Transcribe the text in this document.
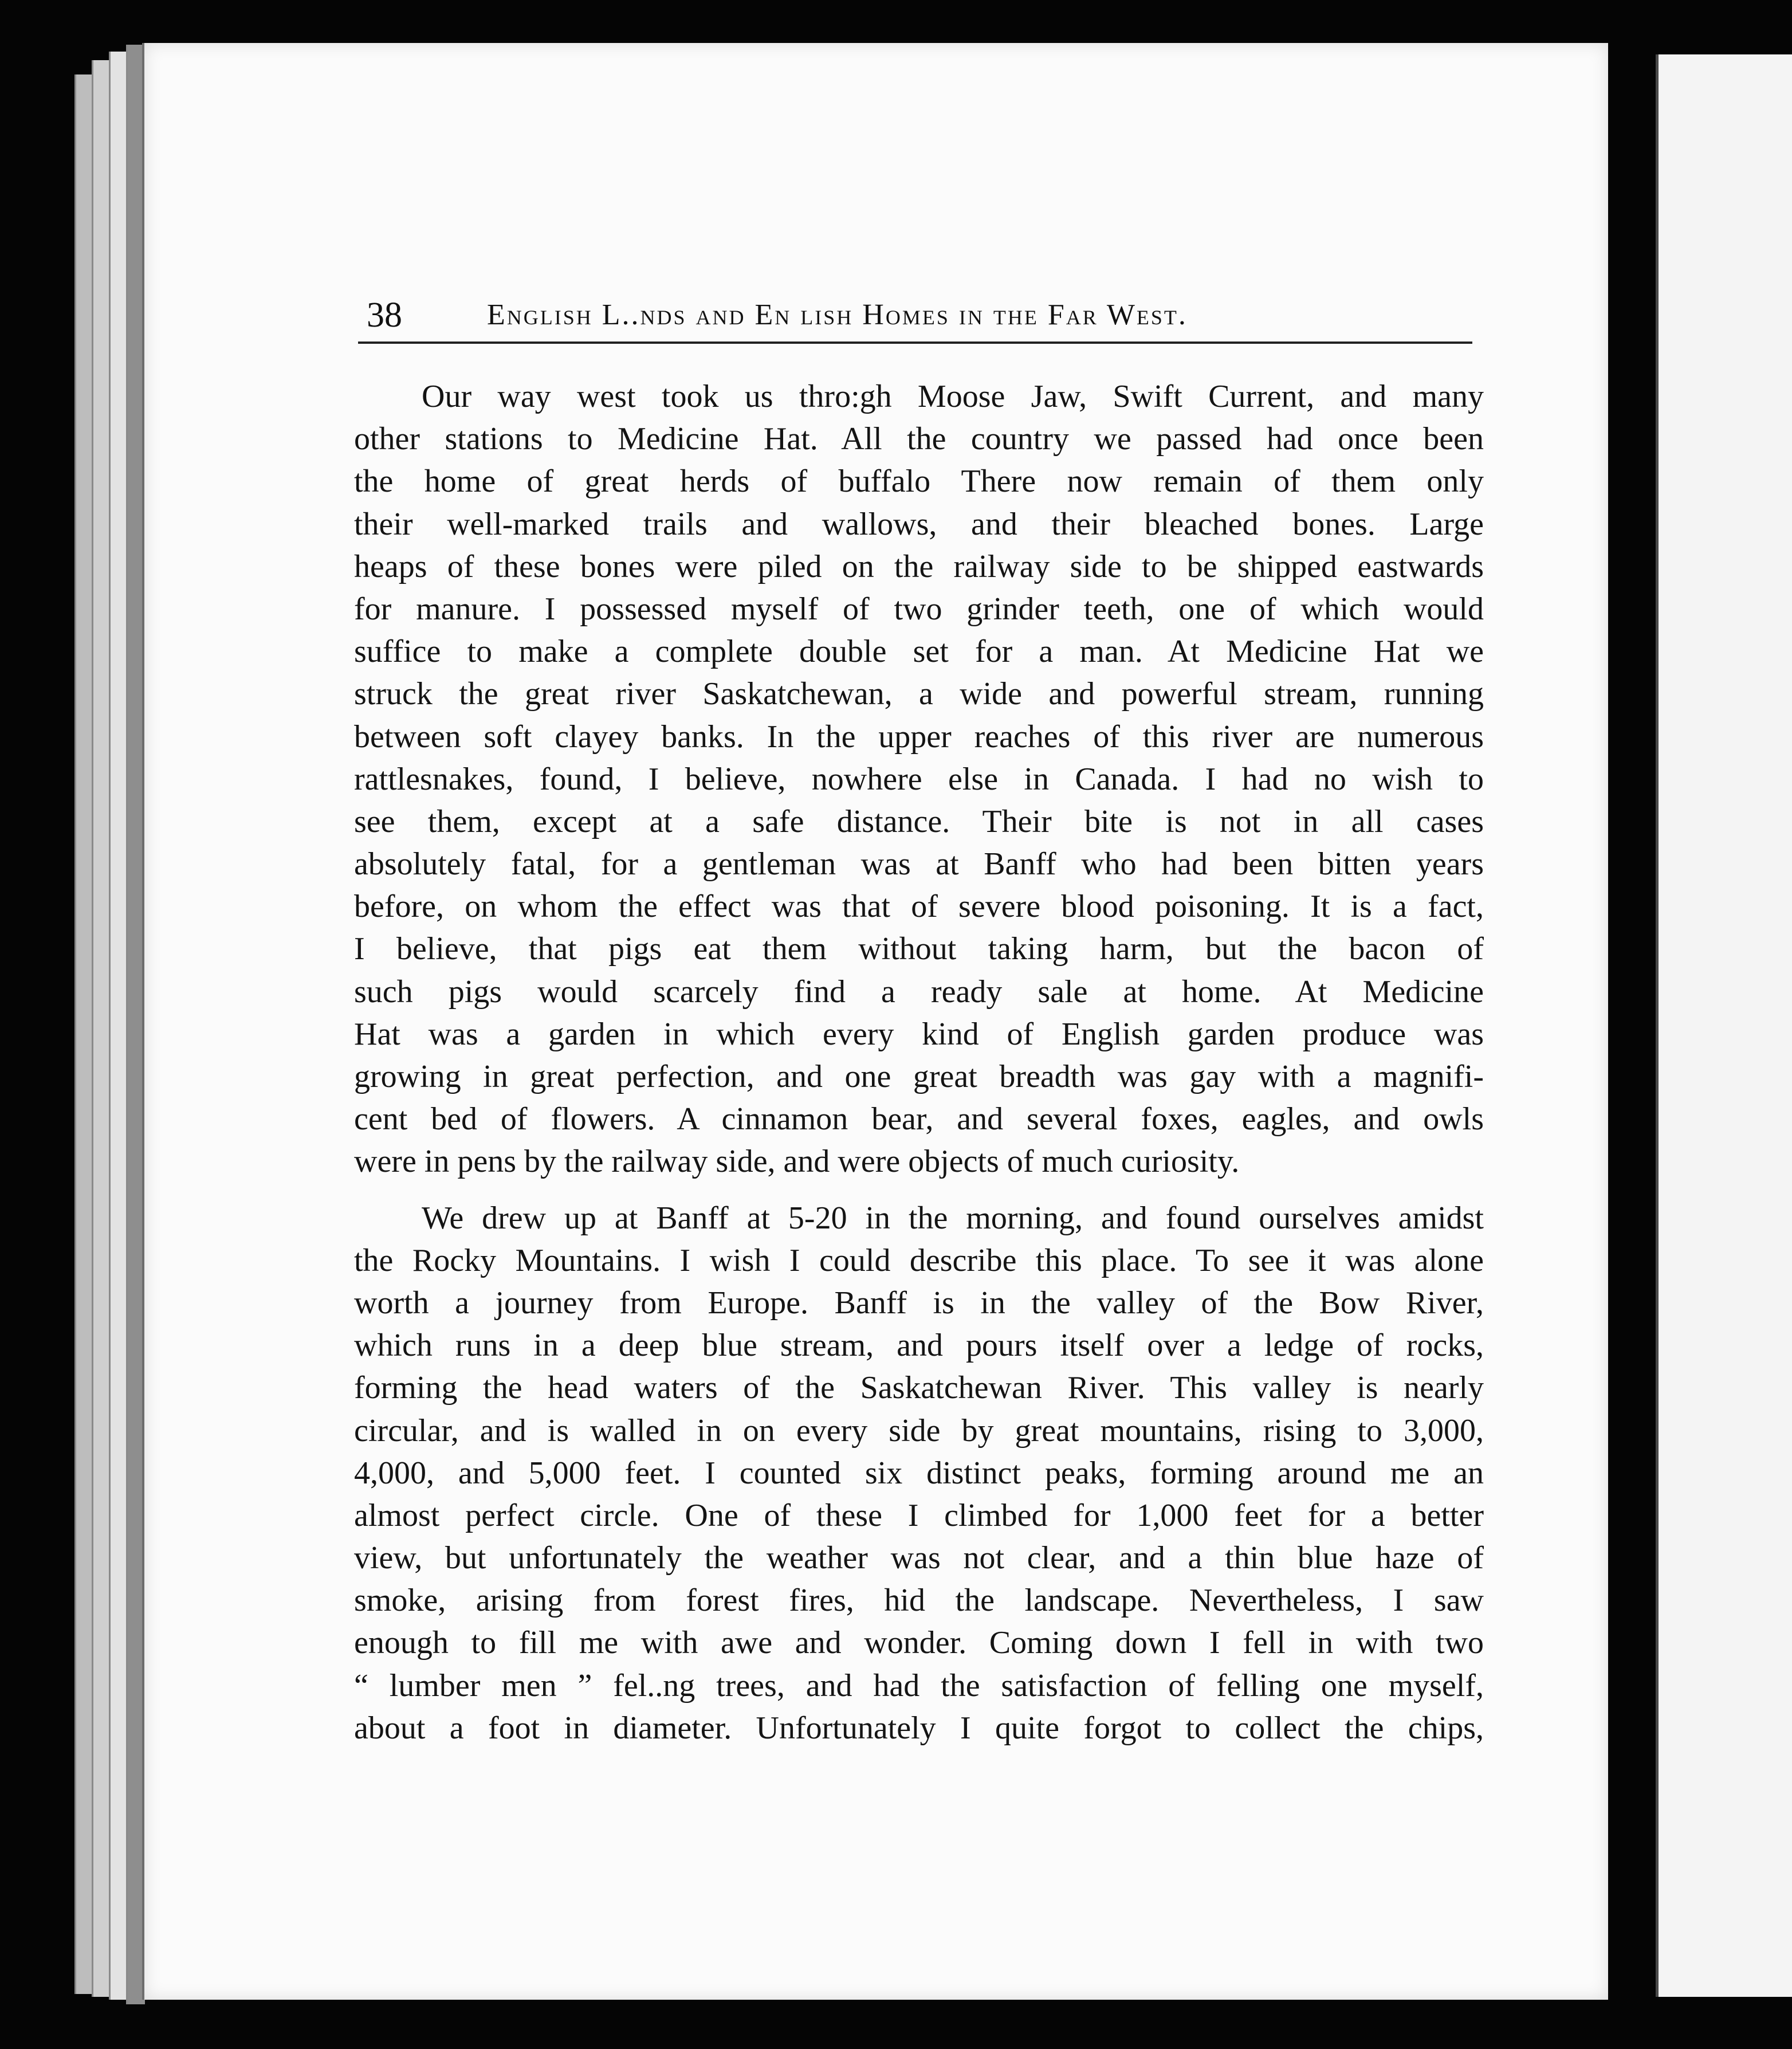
38	English L..nds and En lish Homes in the Far West.
Our way west took us thro:gh Moose Jaw, Swift Current, and many
other stations to Medicine Hat. All the country we passed had once been
the home of great herds of buffalo There now remain of them only
their well-marked trails and wallows, and their bleached bones. Large
heaps of these bones were piled on the railway side to be shipped eastwards
for manure. I possessed myself of two grinder teeth, one of which would
suffice to make a complete double set for a man. At Medicine Hat we
struck the great river Saskatchewan, a wide and powerful stream, running
between soft clayey banks. In the upper reaches of this river are numerous
rattlesnakes, found, I believe, nowhere else in Canada. I had no wish to
see them, except at a safe distance. Their bite is not in all cases
absolutely fatal, for a gentleman was at Banff who had been bitten years
before, on whom the effect was that of severe blood poisoning. It is a fact,
I believe, that pigs eat them without taking harm, but the bacon of
such pigs would scarcely find a ready sale at home. At Medicine
Hat was a garden in which every kind of English garden produce was
growing in great perfection, and one great breadth was gay with a magnifi-
cent bed of flowers. A cinnamon bear, and several foxes, eagles, and owls
were in pens by the railway side, and were objects of much curiosity.
We drew up at Banff at 5-20 in the morning, and found ourselves amidst
the Rocky Mountains. I wish I could describe this place. To see it was alone
worth a journey from Europe. Banff is in the valley of the Bow River,
which runs in a deep blue stream, and pours itself over a ledge of rocks,
forming the head waters of the Saskatchewan River. This valley is nearly
circular, and is walled in on every side by great mountains, rising to 3,000,
4,000, and 5,000 feet. I counted six distinct peaks, forming around me an
almost perfect circle. One of these I climbed for 1,000 feet for a better
view, but unfortunately the weather was not clear, and a thin blue haze of
smoke, arising from forest fires, hid the landscape. Nevertheless, I saw
enough to fill me with awe and wonder. Coming down I fell in with two
“ lumber men ” fel..ng trees, and had the satisfaction of felling one myself,
about a foot in diameter. Unfortunately I quite forgot to collect the chips,
